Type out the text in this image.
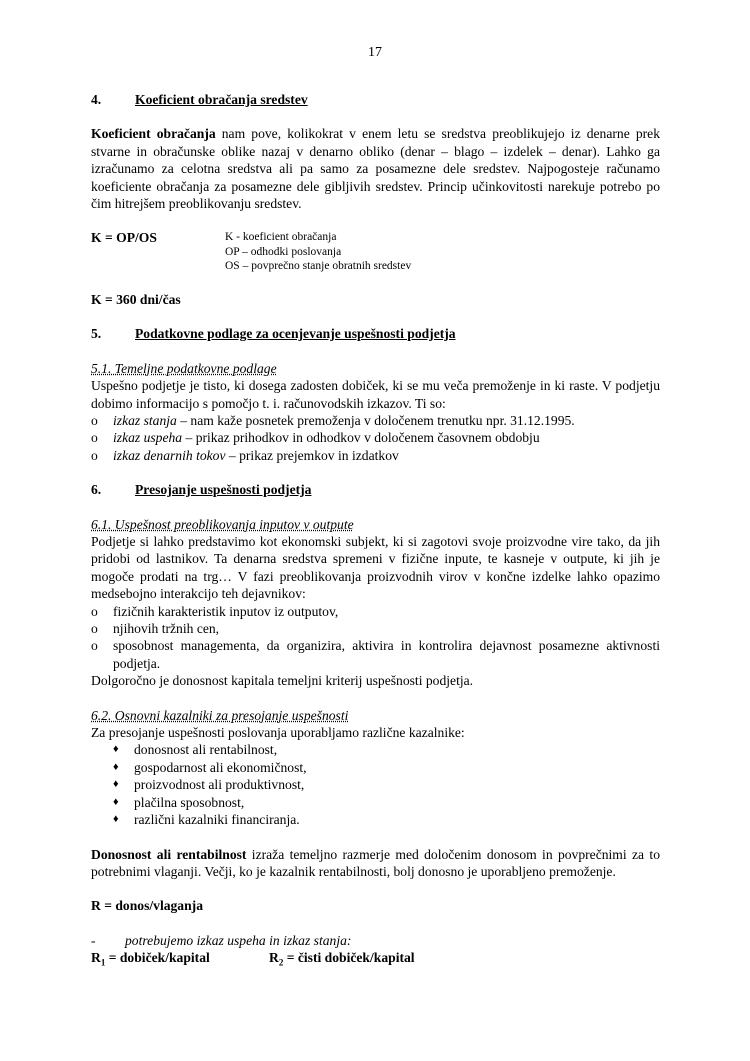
17
4.	Koeficient obračanja sredstev
Koeficient obračanja nam pove, kolikokrat v enem letu se sredstva preoblikujejo iz denarne prek stvarne in obračunske oblike nazaj v denarno obliko (denar – blago – izdelek – denar). Lahko ga izračunamo za celotna sredstva ali pa samo za posamezne dele sredstev. Najpogosteje računamo koeficiente obračanja za posamezne dele gibljivih sredstev. Princip učinkovitosti narekuje potrebo po čim hitrejšem preoblikovanju sredstev.
K = OP/OS	K - koeficient obračanja
OP – odhodki poslovanja
OS – povprečno stanje obratnih sredstev
K = 360 dni/čas
5.	Podatkovne podlage za ocenjevanje uspešnosti podjetja
5.1. Temeljne podatkovne podlage
Uspešno podjetje je tisto, ki dosega zadosten dobiček, ki se mu veča premoženje in ki raste. V podjetju dobimo informacijo s pomočjo t. i. računovodskih izkazov. Ti so:
o	izkaz stanja – nam kaže posnetek premoženja v določenem trenutku npr. 31.12.1995.
o	izkaz uspeha – prikaz prihodkov in odhodkov v določenem časovnem obdobju
o	izkaz denarnih tokov – prikaz prejemkov in izdatkov
6.	Presojanje uspešnosti podjetja
6.1. Uspešnost preoblikovanja inputov v outpute
Podjetje si lahko predstavimo kot ekonomski subjekt, ki si zagotovi svoje proizvodne vire tako, da jih pridobi od lastnikov. Ta denarna sredstva spremeni v fizične inpute, te kasneje v outpute, ki jih je mogoče prodati na trg… V fazi preoblikovanja proizvodnih virov v končne izdelke lahko opazimo medsebojno interakcijo teh dejavnikov:
o	fizičnih karakteristik inputov iz outputov,
o	njihovih tržnih cen,
o	sposobnost managementa, da organizira, aktivira in kontrolira dejavnost posamezne aktivnosti podjetja.
Dolgoročno je donosnost kapitala temeljni kriterij uspešnosti podjetja.
6.2. Osnovni kazalniki za presojanje uspešnosti
Za presojanje uspešnosti poslovanja uporabljamo različne kazalnike:
♦	donosnost ali rentabilnost,
♦	gospodarnost ali ekonomičnost,
♦	proizvodnost ali produktivnost,
♦	plačilna sposobnost,
♦	različni kazalniki financiranja.
Donosnost ali rentabilnost izraža temeljno razmerje med določenim donosom in povprečnimi za to potrebnimi vlaganji. Večji, ko je kazalnik rentabilnosti, bolj donosno je uporabljeno premoženje.
R = donos/vlaganja
-	potrebujemo izkaz uspeha in izkaz stanja:
$R_1$ = dobiček/kapital	$R_2$ = čisti dobiček/kapital
